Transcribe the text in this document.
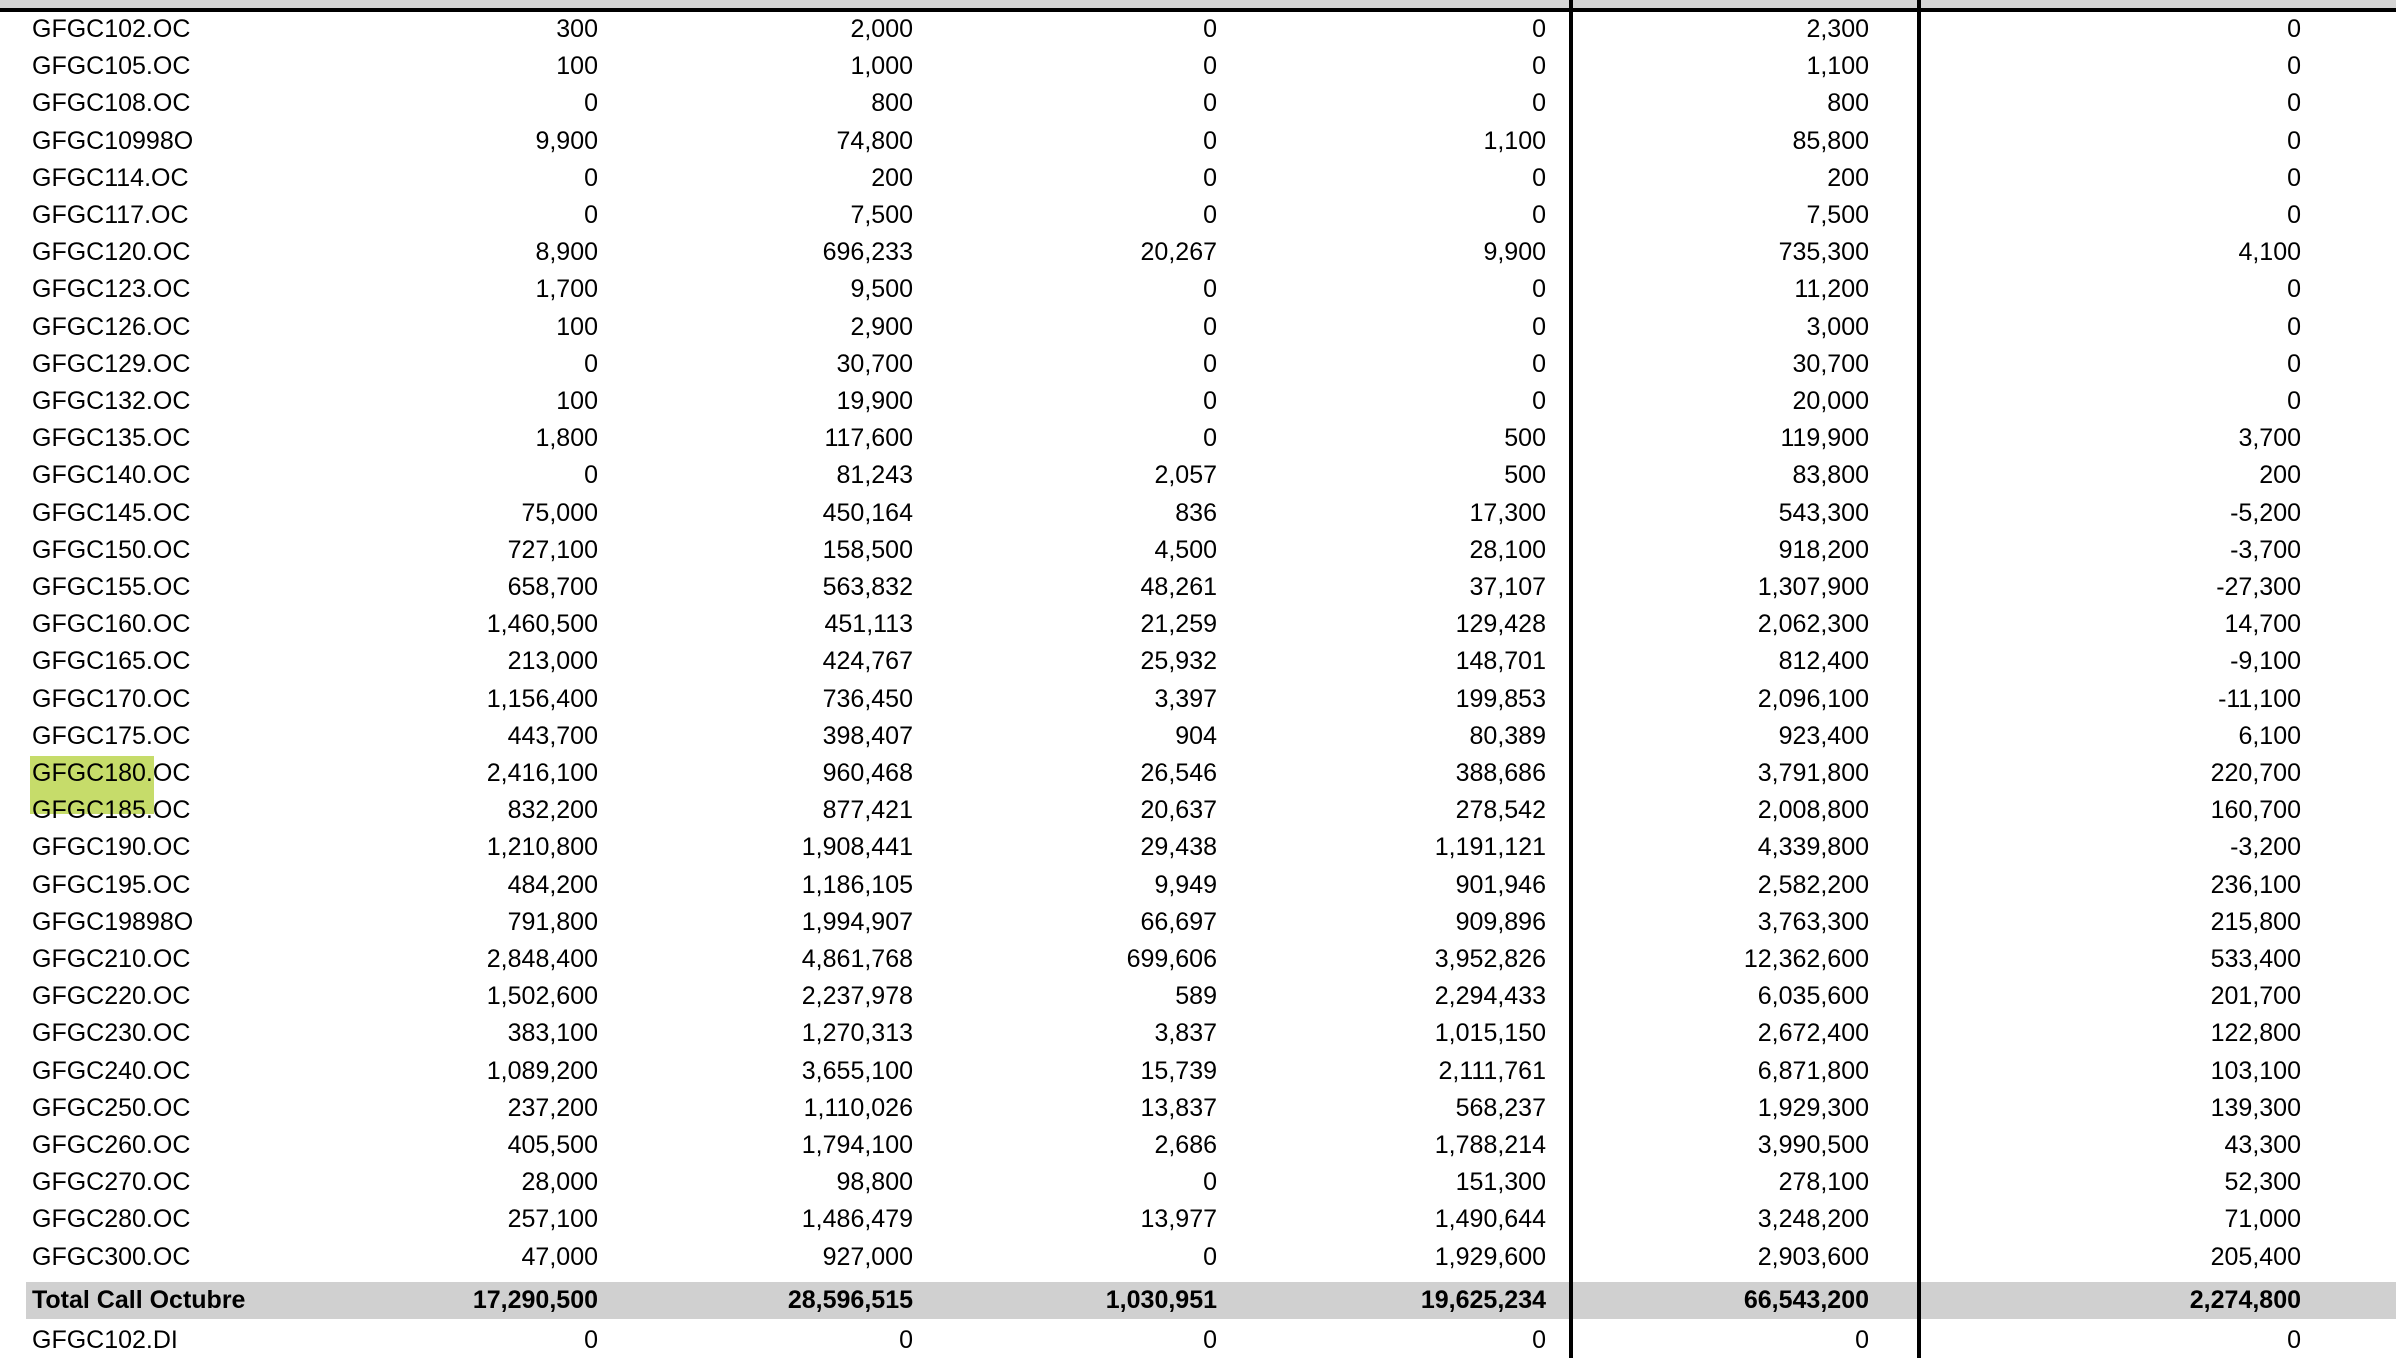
GFGC102.OC	300	2,000	0	0	2,300	0
GFGC105.OC	100	1,000	0	0	1,100	0
GFGC108.OC	0	800	0	0	800	0
GFGC10998O	9,900	74,800	0	1,100	85,800	0
GFGC114.OC	0	200	0	0	200	0
GFGC117.OC	0	7,500	0	0	7,500	0
GFGC120.OC	8,900	696,233	20,267	9,900	735,300	4,100
GFGC123.OC	1,700	9,500	0	0	11,200	0
GFGC126.OC	100	2,900	0	0	3,000	0
GFGC129.OC	0	30,700	0	0	30,700	0
GFGC132.OC	100	19,900	0	0	20,000	0
GFGC135.OC	1,800	117,600	0	500	119,900	3,700
GFGC140.OC	0	81,243	2,057	500	83,800	200
GFGC145.OC	75,000	450,164	836	17,300	543,300	-5,200
GFGC150.OC	727,100	158,500	4,500	28,100	918,200	-3,700
GFGC155.OC	658,700	563,832	48,261	37,107	1,307,900	-27,300
GFGC160.OC	1,460,500	451,113	21,259	129,428	2,062,300	14,700
GFGC165.OC	213,000	424,767	25,932	148,701	812,400	-9,100
GFGC170.OC	1,156,400	736,450	3,397	199,853	2,096,100	-11,100
GFGC175.OC	443,700	398,407	904	80,389	923,400	6,100
GFGC180.OC	2,416,100	960,468	26,546	388,686	3,791,800	220,700
GFGC185.OC	832,200	877,421	20,637	278,542	2,008,800	160,700
GFGC190.OC	1,210,800	1,908,441	29,438	1,191,121	4,339,800	-3,200
GFGC195.OC	484,200	1,186,105	9,949	901,946	2,582,200	236,100
GFGC19898O	791,800	1,994,907	66,697	909,896	3,763,300	215,800
GFGC210.OC	2,848,400	4,861,768	699,606	3,952,826	12,362,600	533,400
GFGC220.OC	1,502,600	2,237,978	589	2,294,433	6,035,600	201,700
GFGC230.OC	383,100	1,270,313	3,837	1,015,150	2,672,400	122,800
GFGC240.OC	1,089,200	3,655,100	15,739	2,111,761	6,871,800	103,100
GFGC250.OC	237,200	1,110,026	13,837	568,237	1,929,300	139,300
GFGC260.OC	405,500	1,794,100	2,686	1,788,214	3,990,500	43,300
GFGC270.OC	28,000	98,800	0	151,300	278,100	52,300
GFGC280.OC	257,100	1,486,479	13,977	1,490,644	3,248,200	71,000
GFGC300.OC	47,000	927,000	0	1,929,600	2,903,600	205,400
Total Call Octubre	17,290,500	28,596,515	1,030,951	19,625,234	66,543,200	2,274,800
GFGC102.DI	0	0	0	0	0	0
